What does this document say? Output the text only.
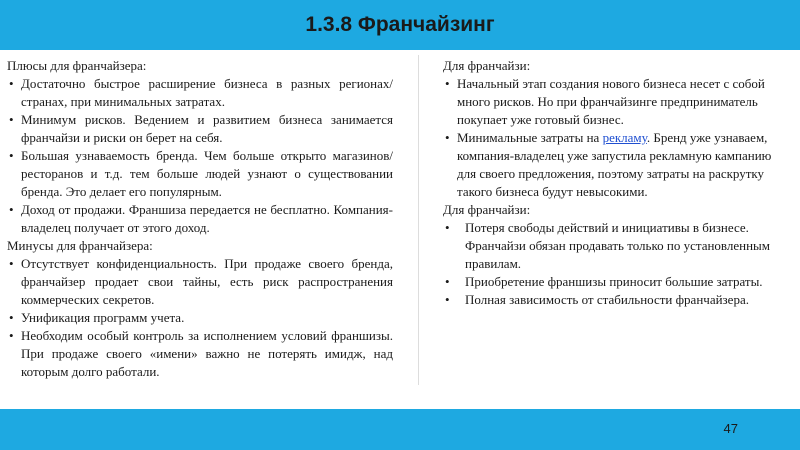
1.3.8 Франчайзинг

Плюсы для франчайзера:

• Достаточно быстрое расширение бизнеса в разных регионах/странах, при минимальных затратах.
• Минимум рисков. Ведением и развитием бизнеса занимается франчайзи и риски он берет на себя.
• Большая узнаваемость бренда. Чем больше открыто магазинов/ресторанов и т.д. тем больше людей узнают о существовании бренда. Это делает его популярным.
• Доход от продажи. Франшиза передается не бесплатно. Компания-владелец получает от этого доход.

Минусы для франчайзера:

• Отсутствует конфиденциальность. При продаже своего бренда, франчайзер продает свои тайны, есть риск распространения коммерческих секретов.
• Унификация программ учета.
• Необходим особый контроль за исполнением условий франшизы. При продаже своего «имени» важно не потерять имидж, над которым долго работали.

Для франчайзи:

• Начальный этап создания нового бизнеса несет с собой много рисков. Но при франчайзинге предприниматель покупает уже готовый бизнес.
• Минимальные затраты на рекламу. Бренд уже узнаваем, компания-владелец уже запустила рекламную кампанию для своего предложения, поэтому затраты на раскрутку такого бизнеса будут невысокими.

Для франчайзи:

• Потеря свободы действий и инициативы в бизнесе. Франчайзи обязан продавать только по установленным правилам.
• Приобретение франшизы приносит большие затраты.
• Полная зависимость от стабильности франчайзера.
47
